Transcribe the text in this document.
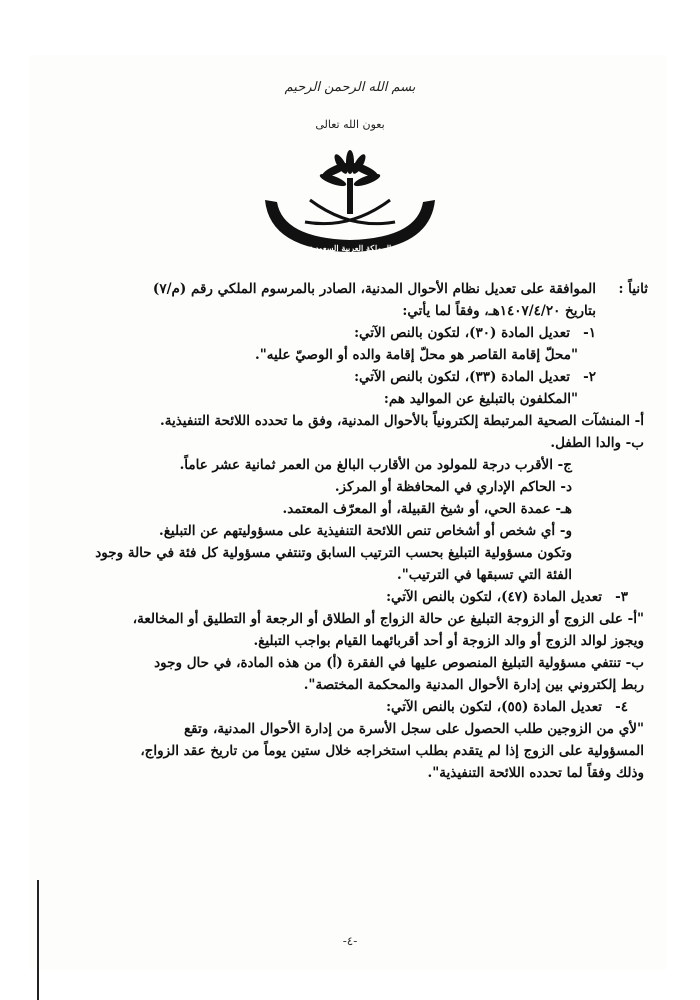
بسم الله الرحمن الرحيم
بعون الله تعالى
المملكة العربية السعودية
ثانياً :
الموافقة على تعديل نظام الأحوال المدنية، الصادر بالمرسوم الملكي رقم (م/٧)
بتاريخ ١٤٠٧/٤/٢٠هـ، وفقاً لما يأتي:
١-تعديل المادة (٣٠)، لتكون بالنص الآتي:
"محلّ إقامة القاصر هو محلّ إقامة والده أو الوصيّ عليه".
٢-تعديل المادة (٣٣)، لتكون بالنص الآتي:
"المكلفون بالتبليغ عن المواليد هم:
أ- المنشآت الصحية المرتبطة إلكترونياً بالأحوال المدنية، وفق ما تحدده اللائحة التنفيذية.
ب- والدا الطفل.
ج- الأقرب درجة للمولود من الأقارب البالغ من العمر ثمانية عشر عاماً.
د- الحاكم الإداري في المحافظة أو المركز.
هـ- عمدة الحي، أو شيخ القبيلة، أو المعرّف المعتمد.
و- أي شخص أو أشخاص تنص اللائحة التنفيذية على مسؤوليتهم عن التبليغ.
وتكون مسؤولية التبليغ بحسب الترتيب السابق وتنتفي مسؤولية كل فئة في حالة وجود
الفئة التي تسبقها في الترتيب".
٣-تعديل المادة (٤٧)، لتكون بالنص الآتي:
"أ- على الزوج أو الزوجة التبليغ عن حالة الزواج أو الطلاق أو الرجعة أو التطليق أو المخالعة،
ويجوز لوالد الزوج أو والد الزوجة أو أحد أقربائهما القيام بواجب التبليغ.
ب- تنتفي مسؤولية التبليغ المنصوص عليها في الفقرة (أ) من هذه المادة، في حال وجود
ربط إلكتروني بين إدارة الأحوال المدنية والمحكمة المختصة".
٤-تعديل المادة (٥٥)، لتكون بالنص الآتي:
"لأي من الزوجين طلب الحصول على سجل الأسرة من إدارة الأحوال المدنية، وتقع
المسؤولية على الزوج إذا لم يتقدم بطلب استخراجه خلال ستين يوماً من تاريخ عقد الزواج،
وذلك وفقاً لما تحدده اللائحة التنفيذية".
-٤-
